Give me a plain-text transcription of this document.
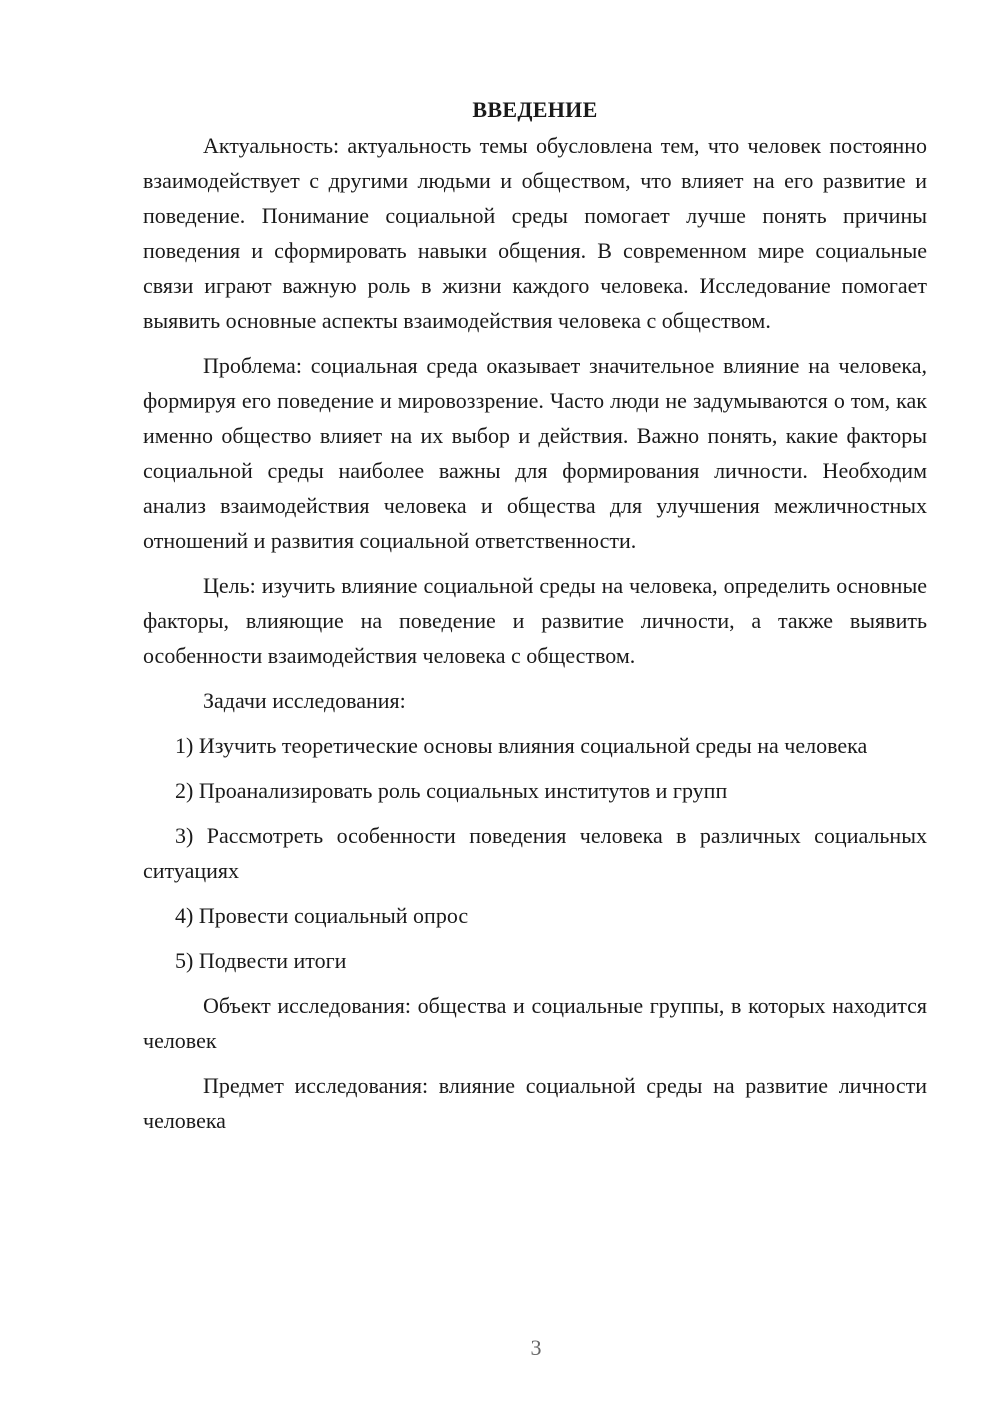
ВВЕДЕНИЕ

Актуальность: актуальность темы обусловлена тем, что человек постоянно взаимодействует с другими людьми и обществом, что влияет на его развитие и поведение. Понимание социальной среды помогает лучше понять причины поведения и сформировать навыки общения. В современном мире социальные связи играют важную роль в жизни каждого человека. Исследование помогает выявить основные аспекты взаимодействия человека с обществом.

Проблема: социальная среда оказывает значительное влияние на человека, формируя его поведение и мировоззрение. Часто люди не задумываются о том, как именно общество влияет на их выбор и действия. Важно понять, какие факторы социальной среды наиболее важны для формирования личности. Необходим анализ взаимодействия человека и общества для улучшения межличностных отношений и развития социальной ответственности.

Цель: изучить влияние социальной среды на человека, определить основные факторы, влияющие на поведение и развитие личности, а также выявить особенности взаимодействия человека с обществом.

Задачи исследования:

1) Изучить теоретические основы влияния социальной среды на человека

2) Проанализировать роль социальных институтов и групп

3) Рассмотреть особенности поведения человека в различных социальных ситуациях

4) Провести социальный опрос

5) Подвести итоги

Объект исследования: общества и социальные группы, в которых находится человек

Предмет исследования: влияние социальной среды на развитие личности человека

3
